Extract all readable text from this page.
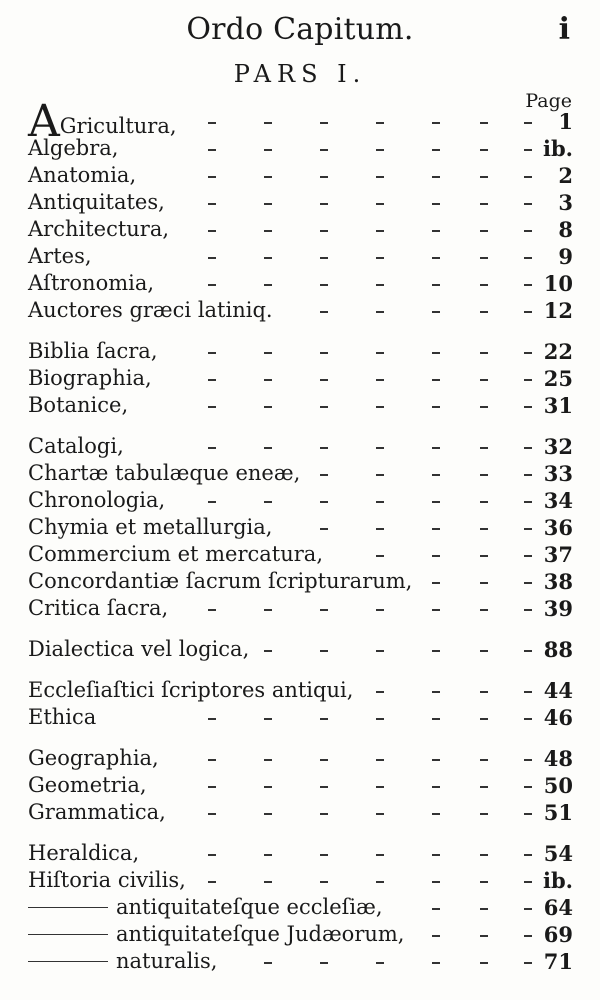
Ordo Capitum.	i
PARS I.
Page
AGricultura,	1
Algebra,	ib.
Anatomia,	2
Antiquitates,	3
Architectura,	8
Artes,	9
Aſtronomia,	10
Auctores græci latiniq.	12
Biblia ſacra,	22
Biographia,	25
Botanice,	31
Catalogi,	32
Chartæ tabulæque eneæ,	33
Chronologia,	34
Chymia et metallurgia,	36
Commercium et mercatura,	37
Concordantiæ ſacrum ſcripturarum,	38
Critica ſacra,	39
Dialectica vel logica,	88
Eccleſiaſtici ſcriptores antiqui,	44
Ethica	46
Geographia,	48
Geometria,	50
Grammatica,	51
Heraldica,	54
Hiſtoria civilis,	ib.
antiquitateſque eccleſiæ,	64
antiquitateſque Judæorum,	69
naturalis,	71
